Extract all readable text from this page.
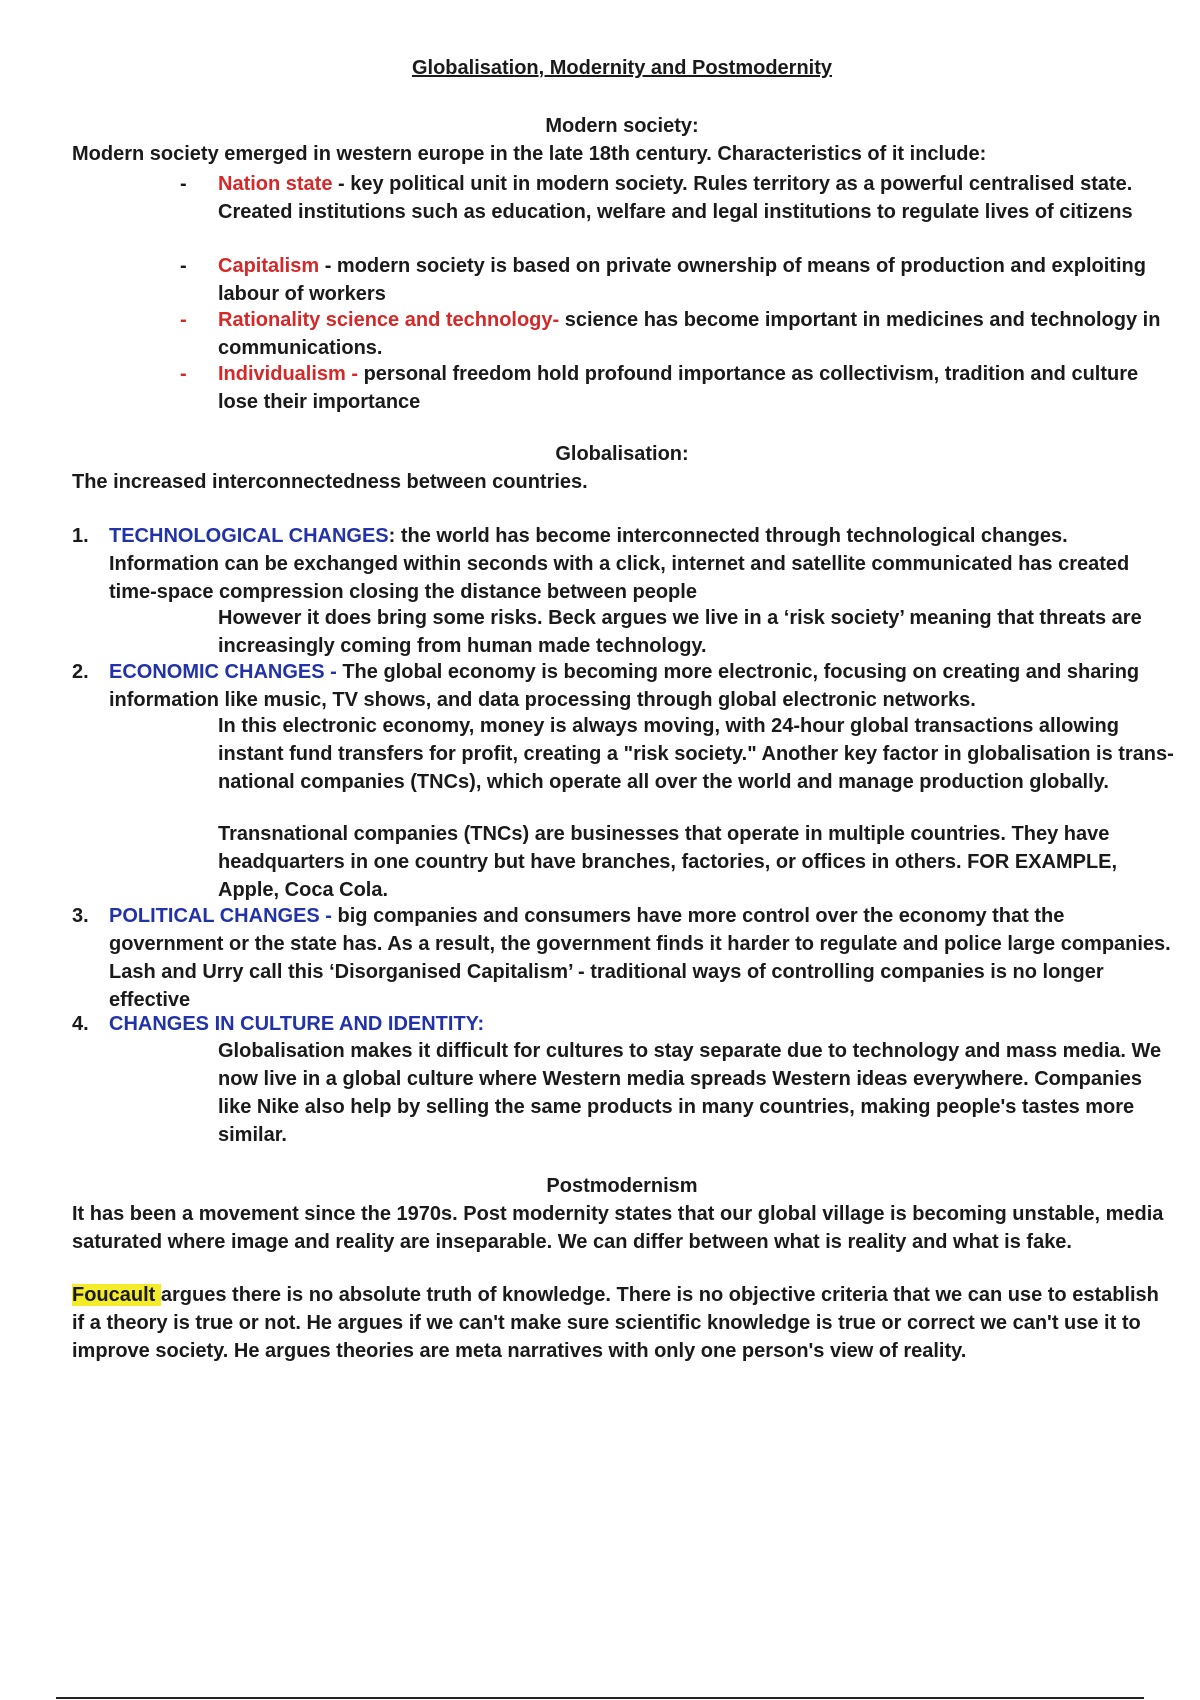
Globalisation, Modernity and Postmodernity

Modern society:

Modern society emerged in western europe in the late 18th century. Characteristics of it include:

- Nation state - key political unit in modern society. Rules territory as a powerful centralised state. Created institutions such as education, welfare and legal institutions to regulate lives of citizens

- Capitalism - modern society is based on private ownership of means of production and exploiting labour of workers

- Rationality science and technology- science has become important in medicines and technology in communications.

- Individualism - personal freedom hold profound importance as collectivism, tradition and culture lose their importance

Globalisation:

The increased interconnectedness between countries.

1. TECHNOLOGICAL CHANGES: the world has become interconnected through technological changes. Information can be exchanged within seconds with a click, internet and satellite communicated has created time-space compression closing the distance between people

However it does bring some risks. Beck argues we live in a ‘risk society’ meaning that threats are increasingly coming from human made technology.

2. ECONOMIC CHANGES - The global economy is becoming more electronic, focusing on creating and sharing information like music, TV shows, and data processing through global electronic networks.

In this electronic economy, money is always moving, with 24-hour global transactions allowing instant fund transfers for profit, creating a "risk society." Another key factor in globalisation is trans-national companies (TNCs), which operate all over the world and manage production globally.

Transnational companies (TNCs) are businesses that operate in multiple countries. They have headquarters in one country but have branches, factories, or offices in others. FOR EXAMPLE, Apple, Coca Cola.

3. POLITICAL CHANGES - big companies and consumers have more control over the economy that the government or the state has. As a result, the government finds it harder to regulate and police large companies. Lash and Urry call this ‘Disorganised Capitalism’ - traditional ways of controlling companies is no longer effective

4. CHANGES IN CULTURE AND IDENTITY:

Globalisation makes it difficult for cultures to stay separate due to technology and mass media. We now live in a global culture where Western media spreads Western ideas everywhere. Companies like Nike also help by selling the same products in many countries, making people's tastes more similar.

Postmodernism

It has been a movement since the 1970s. Post modernity states that our global village is becoming unstable, media saturated where image and reality are inseparable. We can differ between what is reality and what is fake.

Foucault argues there is no absolute truth of knowledge. There is no objective criteria that we can use to establish if a theory is true or not. He argues if we can't make sure scientific knowledge is true or correct we can't use it to improve society. He argues theories are meta narratives with only one person's view of reality.
